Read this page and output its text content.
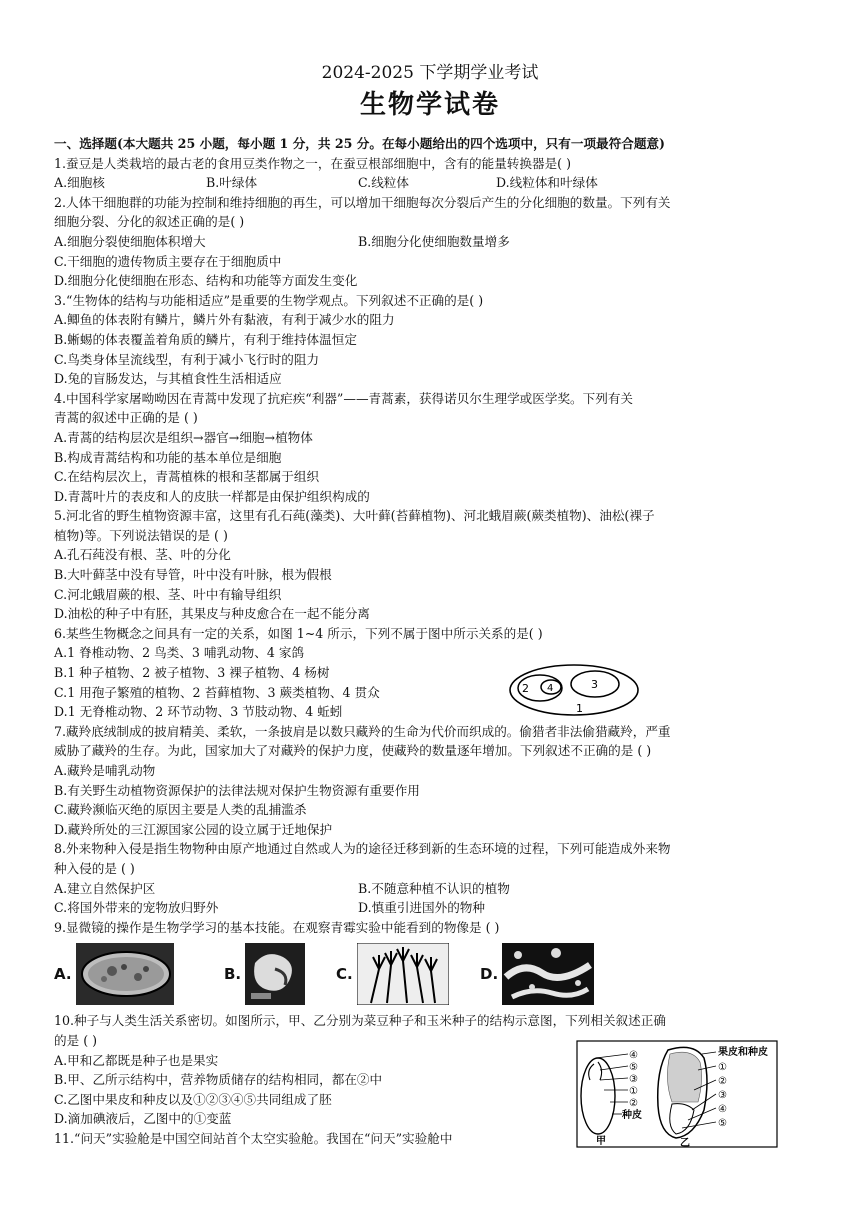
2024-2025 下学期学业考试
生物学试卷

一、选择题(本大题共 25 小题，每小题 1 分，共 25 分。在每小题给出的四个选项中，只有一项最符合题意)

1.蚕豆是人类栽培的最古老的食用豆类作物之一，在蚕豆根部细胞中，含有的能量转换器是( )

A.细胞核	B.叶绿体	C.线粒体	D.线粒体和叶绿体

2.人体干细胞群的功能为控制和维持细胞的再生，可以增加干细胞每次分裂后产生的分化细胞的数量。下列有关

细胞分裂、分化的叙述正确的是( )

A.细胞分裂使细胞体积增大	B.细胞分化使细胞数量增多

C.干细胞的遗传物质主要存在于细胞质中

D.细胞分化使细胞在形态、结构和功能等方面发生变化

3.“生物体的结构与功能相适应”是重要的生物学观点。下列叙述不正确的是( )

A.鲫鱼的体表附有鳞片，鳞片外有黏液，有利于减少水的阻力

B.蜥蜴的体表覆盖着角质的鳞片，有利于维持体温恒定

C.鸟类身体呈流线型，有利于减小飞行时的阻力

D.兔的盲肠发达，与其植食性生活相适应

4.中国科学家屠呦呦因在青蒿中发现了抗疟疾“利器”——青蒿素，获得诺贝尔生理学或医学奖。下列有关

青蒿的叙述中正确的是 ( )

A.青蒿的结构层次是组织→器官→细胞→植物体

B.构成青蒿结构和功能的基本单位是细胞

C.在结构层次上，青蒿植株的根和茎都属于组织

D.青蒿叶片的表皮和人的皮肤一样都是由保护组织构成的

5.河北省的野生植物资源丰富，这里有孔石莼(藻类)、大叶藓(苔藓植物)、河北蛾眉蕨(蕨类植物)、油松(裸子

植物)等。下列说法错误的是 ( )

A.孔石莼没有根、茎、叶的分化

B.大叶藓茎中没有导管，叶中没有叶脉，根为假根

C.河北蛾眉蕨的根、茎、叶中有输导组织

D.油松的种子中有胚，其果皮与种皮愈合在一起不能分离

6.某些生物概念之间具有一定的关系，如图 1~4 所示，下列不属于图中所示关系的是( )

A.1 脊椎动物、2 鸟类、3 哺乳动物、4 家鸽

B.1 种子植物、2 被子植物、3 裸子植物、4 杨树

C.1 用孢子繁殖的植物、2 苔藓植物、3 蕨类植物、4 贯众

D.1 无脊椎动物、2 环节动物、3 节肢动物、4 蚯蚓

7.藏羚底绒制成的披肩精美、柔软，一条披肩是以数只藏羚的生命为代价而织成的。偷猎者非法偷猎藏羚，严重

威胁了藏羚的生存。为此，国家加大了对藏羚的保护力度，使藏羚的数量逐年增加。下列叙述不正确的是 ( )

A.藏羚是哺乳动物

B.有关野生动植物资源保护的法律法规对保护生物资源有重要作用

C.藏羚濒临灭绝的原因主要是人类的乱捕滥杀

D.藏羚所处的三江源国家公园的设立属于迁地保护

8.外来物种入侵是指生物物种由原产地通过自然或人为的途径迁移到新的生态环境的过程，下列可能造成外来物

种入侵的是 ( )

A.建立自然保护区	B.不随意种植不认识的植物
C.将国外带来的宠物放归野外	D.慎重引进国外的物种

9.显微镜的操作是生物学学习的基本技能。在观察青霉实验中能看到的物像是 ( )

A.	B.	C.	D.

10.种子与人类生活关系密切。如图所示，甲、乙分别为菜豆种子和玉米种子的结构示意图，下列相关叙述正确

的是 ( )

A.甲和乙都既是种子也是果实

B.甲、乙所示结构中，营养物质储存的结构相同，都在②中

C.乙图中果皮和种皮以及①②③④⑤共同组成了胚

D.滴加碘液后，乙图中的①变蓝

11.“问天”实验舱是中国空间站首个太空实验舱。我国在“问天”实验舱中

1
2	3
4
④
⑤
③
①
②
种皮
甲
果皮和种皮
①
②
③
④
⑤
乙
